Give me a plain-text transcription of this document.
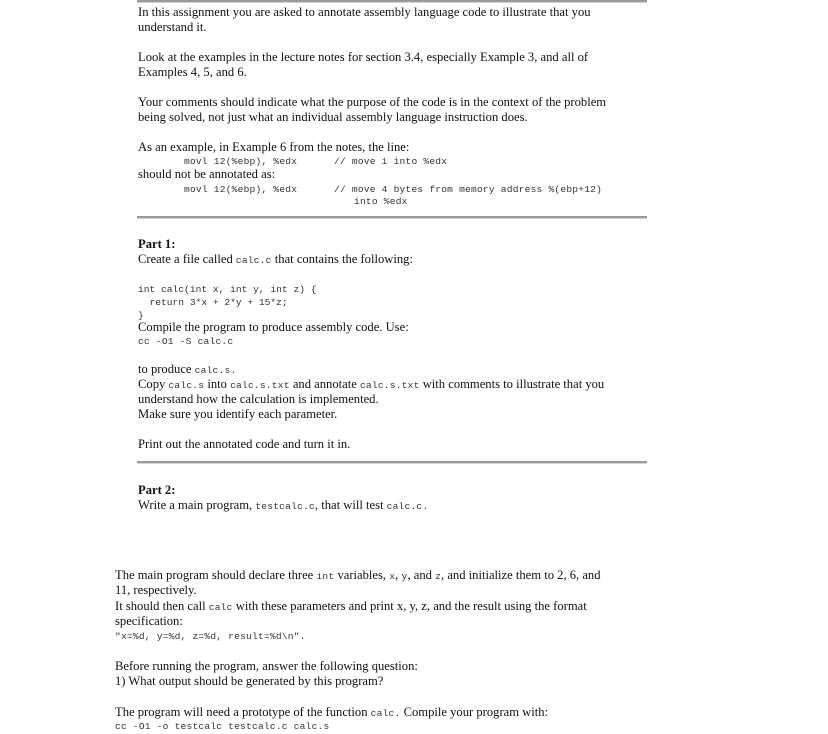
In this assignment you are asked to annotate assembly language code to illustrate that you
understand it.
Look at the examples in the lecture notes for section 3.4, especially Example 3, and all of
Examples 4, 5, and 6.
Your comments should indicate what the purpose of the code is in the context of the problem
being solved, not just what an individual assembly language instruction does.
As an example, in Example 6 from the notes, the line:
movl 12(%ebp), %edx	// move i into %edx
should not be annotated as:
movl 12(%ebp), %edx	// move 4 bytes from memory address %(ebp+12)
into %edx
Part 1:
Create a file called calc.c that contains the following:
int calc(int x, int y, int z) {
return 3*x + 2*y + 15*z;
}
Compile the program to produce assembly code. Use:
cc -O1 -S calc.c
to produce calc.s.
Copy calc.s into calc.s.txt and annotate calc.s.txt with comments to illustrate that you
understand how the calculation is implemented.
Make sure you identify each parameter.
Print out the annotated code and turn it in.
Part 2:
Write a main program, testcalc.c, that will test calc.c.
The main program should declare three int variables, x, y, and z, and initialize them to 2, 6, and
11, respectively.
It should then call calc with these parameters and print x, y, z, and the result using the format
specification:
"x=%d, y=%d, z=%d, result=%d\n".
Before running the program, answer the following question:
1) What output should be generated by this program?
The program will need a prototype of the function calc. Compile your program with:
cc -O1 -o testcalc testcalc.c calc.s
